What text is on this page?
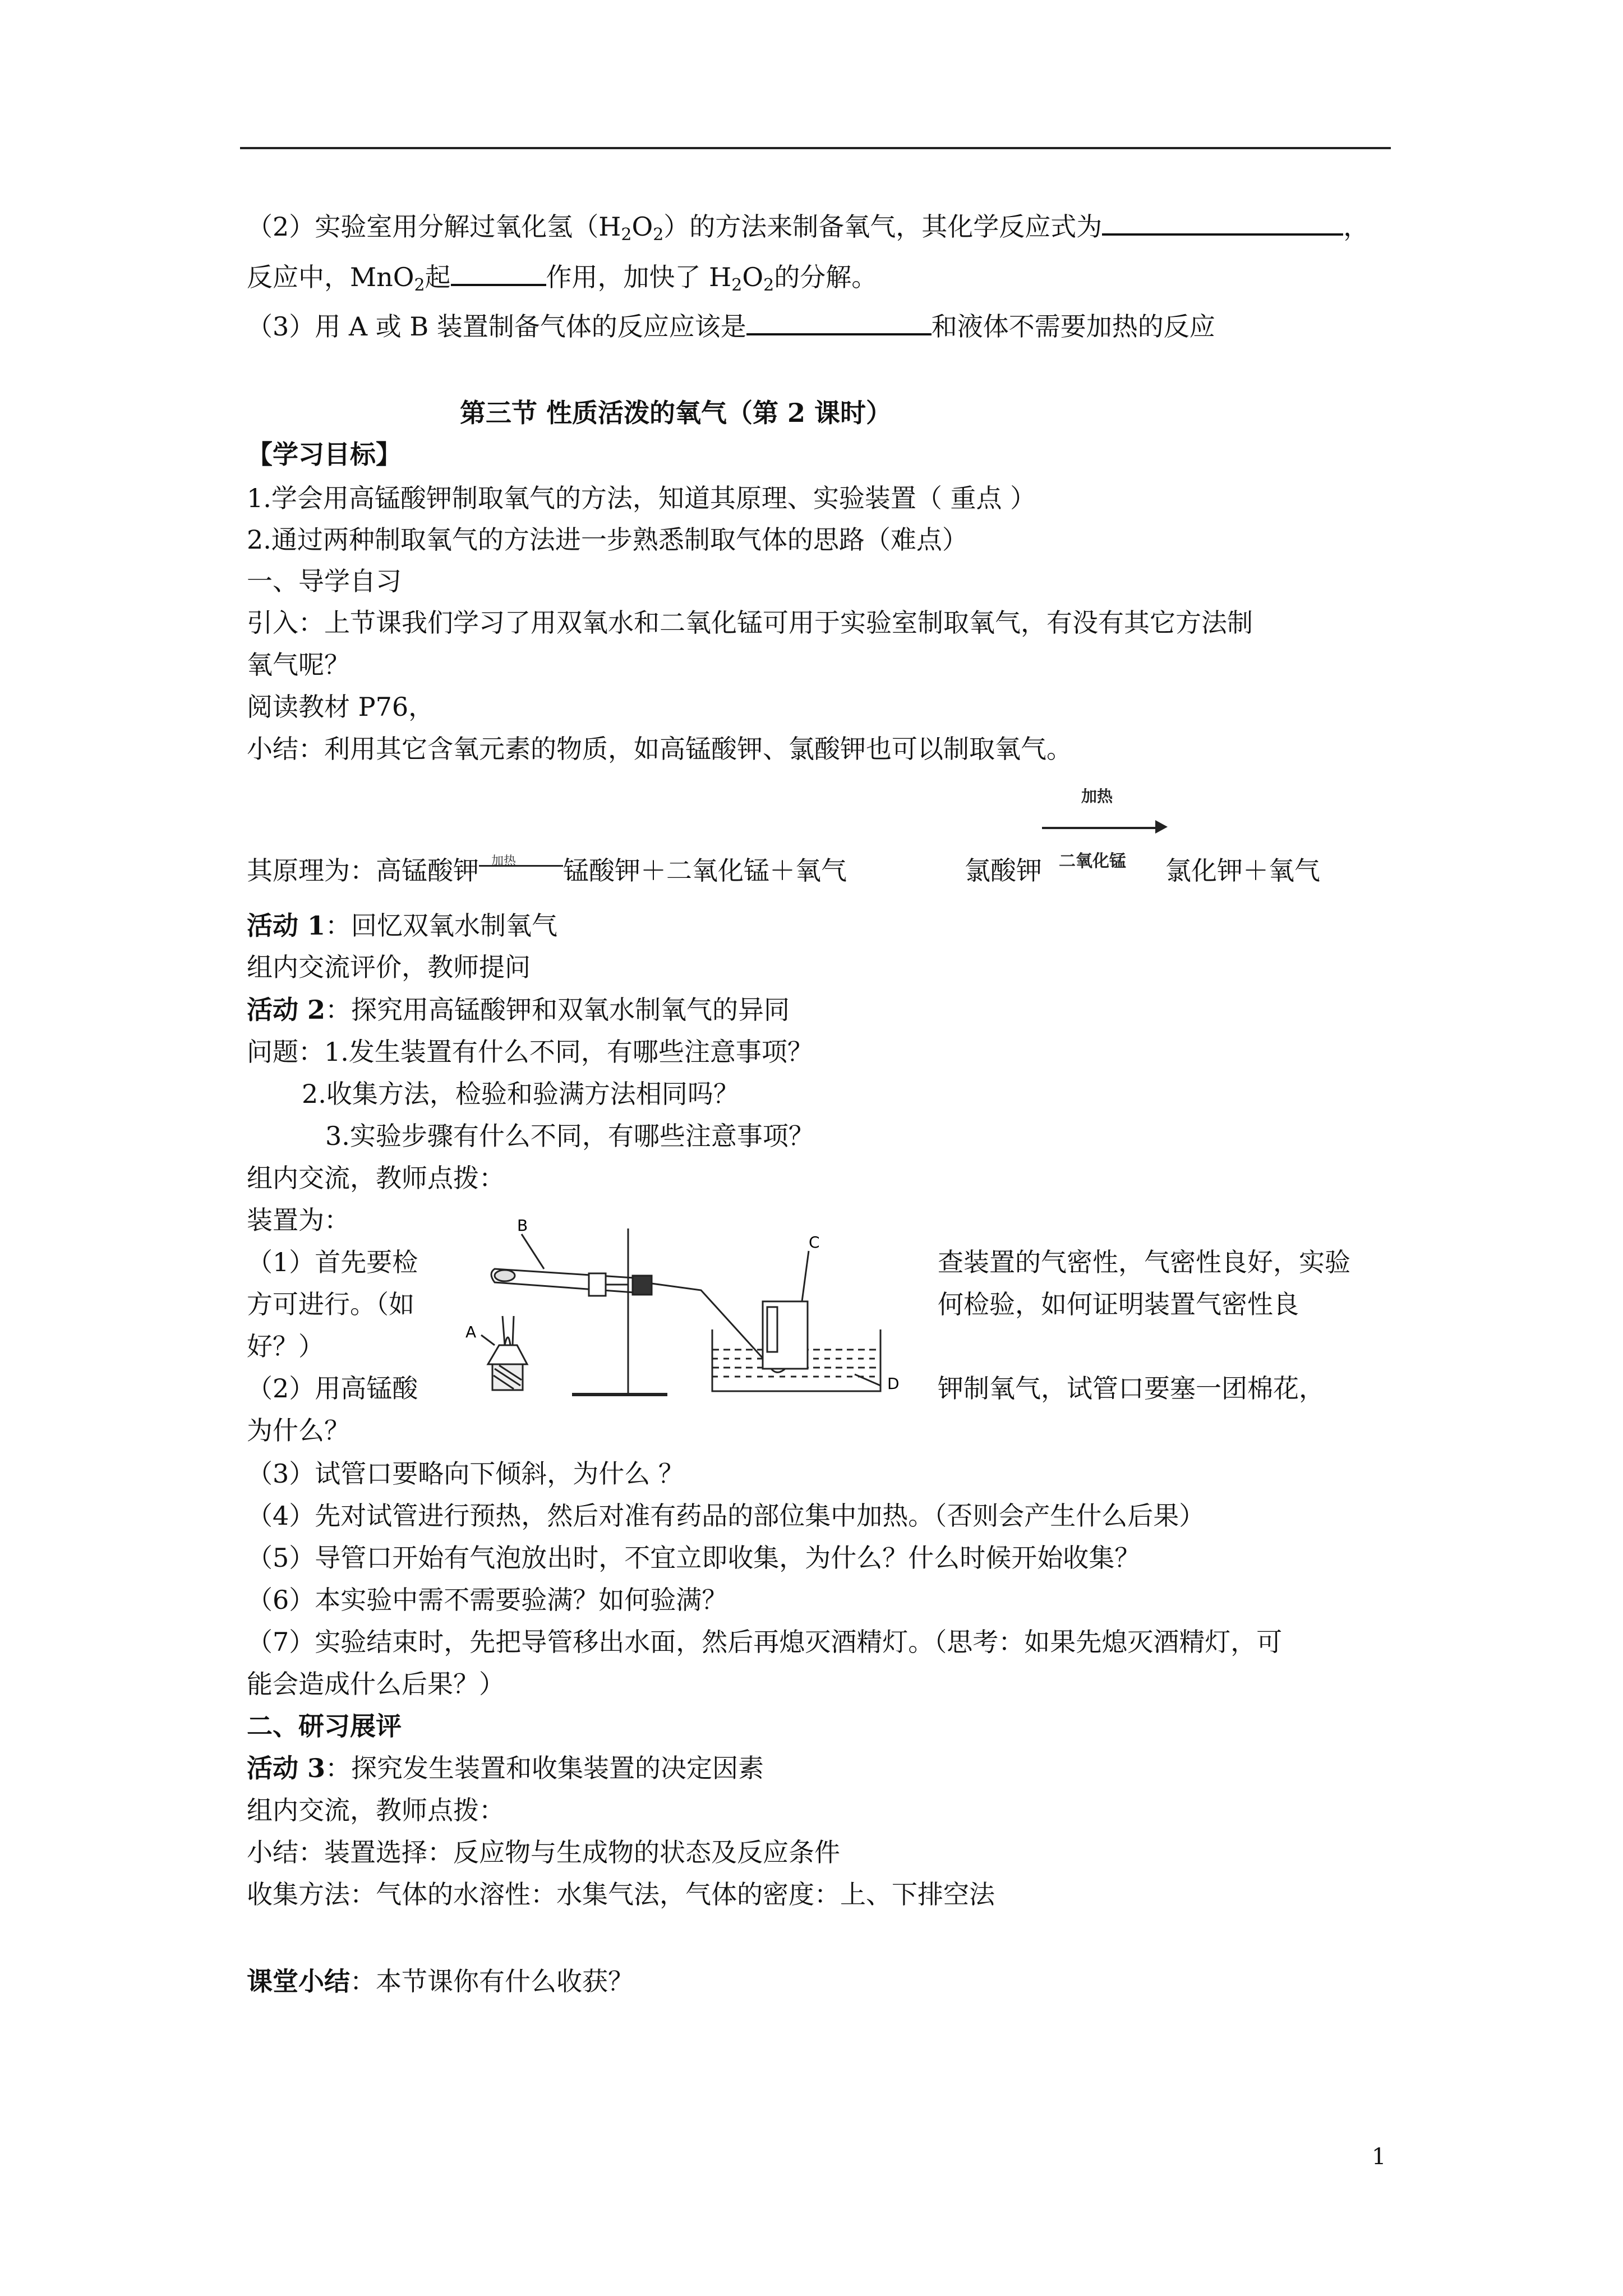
（2）实验室用分解过氧化氢$(H_2O_2)$的方法来制备氧气，其化学反应式为	，
反应中，MnO$_2$起	作用，加快了 $H_2O_2$的分解。
（3）用 A 或 B 装置制备气体的反应应该是	和液体不需要加热的反应
第三节 性质活泼的氧气（第 2 课时）
【学习目标】
1.学会用高锰酸钾制取氧气的方法，知道其原理、实验装置（ 重点 ）
2.通过两种制取氧气的方法进一步熟悉制取气体的思路（难点）
一、导学自习
引入：上节课我们学习了用双氧水和二氧化锰可用于实验室制取氧气，有没有其它方法制
氧气呢？
阅读教材 P76，
小结：利用其它含氧元素的物质，如高锰酸钾、氯酸钾也可以制取氧气。
其原理为：高锰酸钾 加热 锰酸钾＋二氧化锰＋氧气	氯酸钾
加热
二氧化锰 氯化钾＋氧气
活动 1：回忆双氧水制氧气
组内交流评价，教师提问
活动 2：探究用高锰酸钾和双氧水制氧气的异同
问题：1.发生装置有什么不同，有哪些注意事项？
2.收集方法，检验和验满方法相同吗？
3.实验步骤有什么不同，有哪些注意事项？
组内交流，教师点拨：
装置为：
（1）首先要检	查装置的气密性，气密性良好，实验
方可进行。（如	何检验，如何证明装置气密性良
好？）
（2）用高锰酸	钾制氧气，试管口要塞一团棉花，
为什么？
B
A
C
D
（3）试管口要略向下倾斜，为什么 ？
（4）先对试管进行预热，然后对准有药品的部位集中加热。（否则会产生什么后果）
（5）导管口开始有气泡放出时，不宜立即收集，为什么？什么时候开始收集？
（6）本实验中需不需要验满？如何验满？
（7）实验结束时，先把导管移出水面，然后再熄灭酒精灯。（思考：如果先熄灭酒精灯，可
能会造成什么后果？）
二、研习展评
活动 3：探究发生装置和收集装置的决定因素
组内交流，教师点拨：
小结：装置选择：反应物与生成物的状态及反应条件
收集方法：气体的水溶性：水集气法，气体的密度：上、下排空法
课堂小结：本节课你有什么收获？
1
